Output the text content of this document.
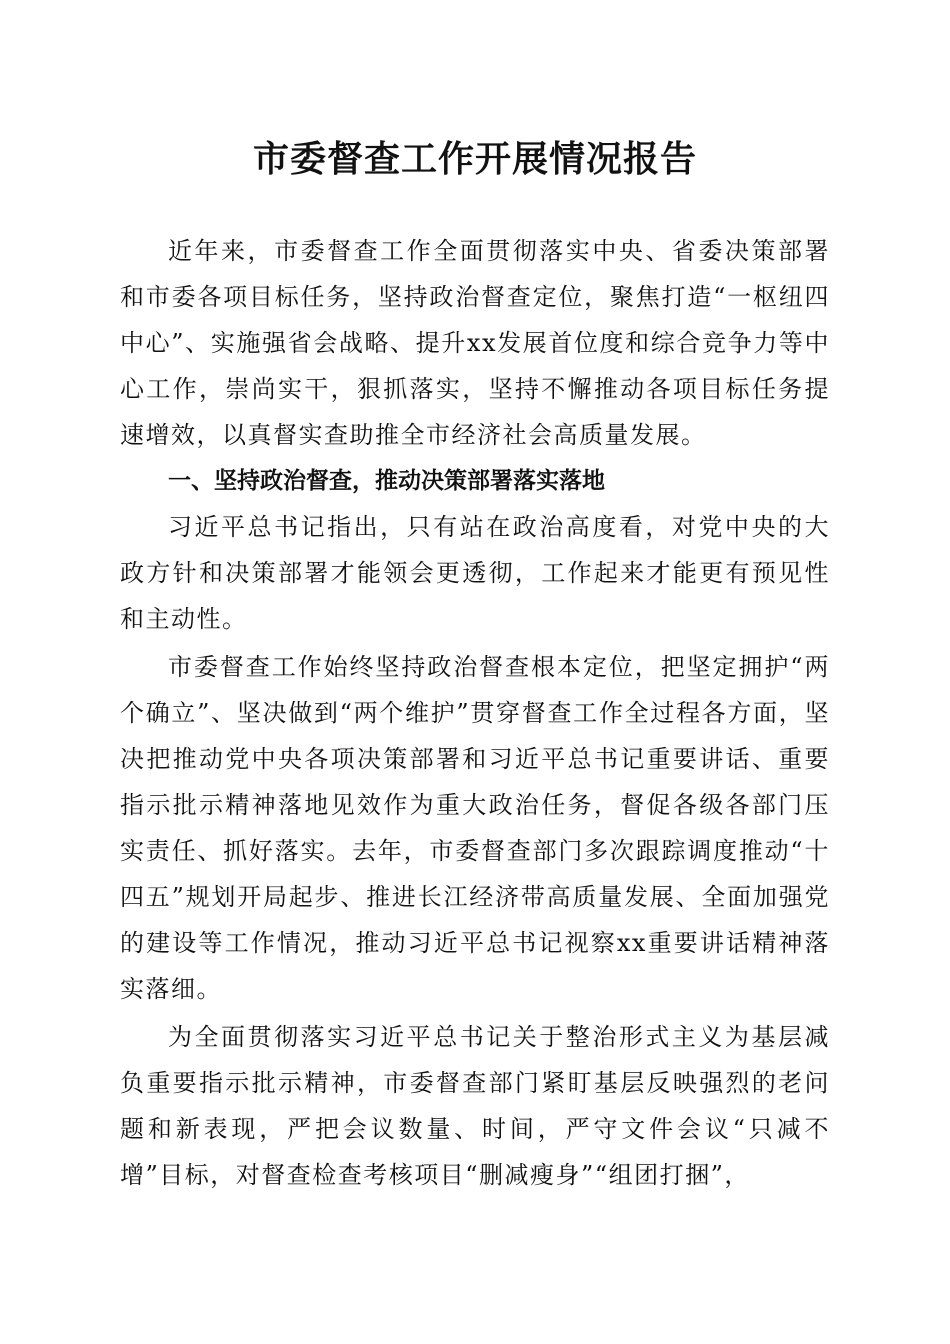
市委督查工作开展情况报告

近年来，市委督查工作全面贯彻落实中央、省委决策部署和市委各项目标任务，坚持政治督查定位，聚焦打造“一枢纽四中心”、实施强省会战略、提升xx发展首位度和综合竞争力等中心工作，崇尚实干，狠抓落实，坚持不懈推动各项目标任务提速增效，以真督实查助推全市经济社会高质量发展。

一、坚持政治督查，推动决策部署落实落地

习近平总书记指出，只有站在政治高度看，对党中央的大政方针和决策部署才能领会更透彻，工作起来才能更有预见性和主动性。

市委督查工作始终坚持政治督查根本定位，把坚定拥护“两个确立”、坚决做到“两个维护”贯穿督查工作全过程各方面，坚决把推动党中央各项决策部署和习近平总书记重要讲话、重要指示批示精神落地见效作为重大政治任务，督促各级各部门压实责任、抓好落实。去年，市委督查部门多次跟踪调度推动“十四五”规划开局起步、推进长江经济带高质量发展、全面加强党的建设等工作情况，推动习近平总书记视察xx重要讲话精神落实落细。

为全面贯彻落实习近平总书记关于整治形式主义为基层减负重要指示批示精神，市委督查部门紧盯基层反映强烈的老问题和新表现，严把会议数量、时间，严守文件会议“只减不增”目标，对督查检查考核项目“删减瘦身”“组团打捆”，
